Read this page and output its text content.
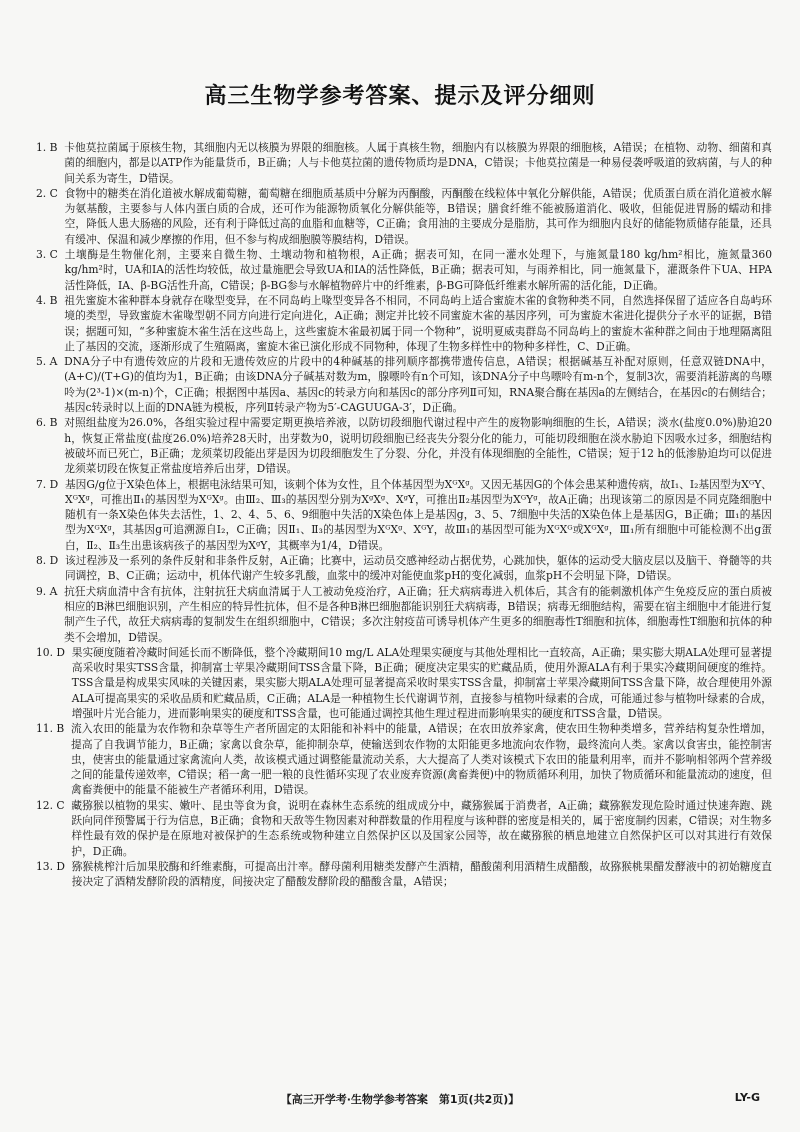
高三生物学参考答案、提示及评分细则
1. B 卡他莫拉菌属于原核生物，其细胞内无以核膜为界限的细胞核。人属于真核生物，细胞内有以核膜为界限的细胞核，A错误；在植物、动物、细菌和真菌的细胞内，都是以ATP作为能量货币，B正确；人与卡他莫拉菌的遗传物质均是DNA，C错误；卡他莫拉菌是一种易侵袭呼吸道的致病菌，与人的种间关系为寄生，D错误。
2. C 食物中的糖类在消化道被水解成葡萄糖，葡萄糖在细胞质基质中分解为丙酮酸，丙酮酸在线粒体中氧化分解供能，A错误；优质蛋白质在消化道被水解为氨基酸，主要参与人体内蛋白质的合成，还可作为能源物质氧化分解供能等，B错误；膳食纤维不能被肠道消化、吸收，但能促进胃肠的蠕动和排空，降低人患大肠癌的风险，还有利于降低过高的血脂和血糖等，C正确；食用油的主要成分是脂肪，其可作为细胞内良好的储能物质储存能量，还具有缓冲、保温和减少摩擦的作用，但不参与构成细胞膜等膜结构，D错误。
3. C 土壤酶是生物催化剂，主要来自微生物、土壤动物和植物根，A正确；据表可知，在同一灌水处理下，与施氮量180 kg/hm²相比，施氮量360 kg/hm²时，UA和IA的活性均较低，故过量施肥会导致UA和IA的活性降低，B正确；据表可知，与雨养相比，同一施氮量下，灌溉条件下UA、HPA活性降低，IA、β-BG活性升高，C错误；β-BG参与水解植物碎片中的纤维素，β-BG可降低纤维素水解所需的活化能，D正确。
4. B 祖先蜜旋木雀种群本身就存在喙型变异，在不同岛屿上喙型变异各不相同，不同岛屿上适合蜜旋木雀的食物种类不同，自然选择保留了适应各自岛屿环境的类型，导致蜜旋木雀喙型朝不同方向进行定向进化，A正确；测定并比较不同蜜旋木雀的基因序列，可为蜜旋木雀进化提供分子水平的证据，B错误；据题可知，“多种蜜旋木雀生活在这些岛上，这些蜜旋木雀最初属于同一个物种”，说明夏威夷群岛不同岛屿上的蜜旋木雀种群之间由于地理隔离阻止了基因的交流，逐渐形成了生殖隔离，蜜旋木雀已演化形成不同物种，体现了生物多样性中的物种多样性，C、D正确。
5. A DNA分子中有遗传效应的片段和无遗传效应的片段中的4种碱基的排列顺序都携带遗传信息，A错误；根据碱基互补配对原则，任意双链DNA中，(A+C)/(T+G)的值均为1，B正确；由该DNA分子碱基对数为m，腺嘌呤有n个可知，该DNA分子中鸟嘌呤有m-n个，复制3次，需要消耗游离的鸟嘌呤为(2³-1)×(m-n)个，C正确；根据图中基因a、基因c的转录方向和基因c的部分序列Ⅱ可知，RNA聚合酶在基因a的左侧结合，在基因c的右侧结合；基因c转录时以上面的DNA链为模板，序列Ⅱ转录产物为5′-CAGUUGA-3′，D正确。
6. B 对照组盐度为26.0%，各组实验过程中需要定期更换培养液，以防切段细胞代谢过程中产生的废物影响细胞的生长，A错误；淡水(盐度0.0%)胁迫20 h，恢复正常盐度(盐度26.0%)培养28天时，出芽数为0，说明切段细胞已经丧失分裂分化的能力，可能切段细胞在淡水胁迫下因吸水过多，细胞结构被破坏而已死亡，B正确；龙须菜切段能出芽是因为切段细胞发生了分裂、分化，并没有体现细胞的全能性，C错误；短于12 h的低渗胁迫均可以促进龙须菜切段在恢复正常盐度培养后出芽，D错误。
7. D 基因G/g位于X染色体上，根据电泳结果可知，该刺个体为女性，且个体基因型为XᴳXᵍ。又因无基因G的个体会患某种遗传病，故Ⅰ₁、Ⅰ₂基因型为XᴳY、XᴳXᵍ，可推出Ⅱ₁的基因型为XᴳXᵍ。由Ⅲ₂、Ⅲ₃的基因型分别为XᵍXᵍ、XᵍY，可推出Ⅱ₂基因型为XᴳYᵍ，故A正确；出现该第二的原因是不同克隆细胞中随机有一条X染色体失去活性，1、2、4、5、6、9细胞中失活的X染色体上是基因g，3、5、7细胞中失活的X染色体上是基因G，B正确；Ⅲ₁的基因型为XᴳXᵍ，其基因g可追溯源自Ⅰ₂，C正确；因Ⅱ₁、Ⅱ₃的基因型为XᴳXᵍ、XᴳY，故Ⅲ₁的基因型可能为XᴳXᴳ或XᴳXᵍ，Ⅲ₁所有细胞中可能检测不出g蛋白，Ⅱ₂、Ⅱ₃生出患该病孩子的基因型为XᵍY，其概率为1/4，D错误。
8. D 该过程涉及一系列的条件反射和非条件反射，A正确；比赛中，运动员交感神经动占据优势，心跳加快，躯体的运动受大脑皮层以及脑干、脊髓等的共同调控，B、C正确；运动中，机体代谢产生较多乳酸，血浆中的缓冲对能使血浆pH的变化减弱，血浆pH不会明显下降，D错误。
9. A 抗狂犬病血清中含有抗体，注射抗狂犬病血清属于人工被动免疫治疗，A正确；狂犬病病毒进入机体后，其含有的能刺激机体产生免疫反应的蛋白质被相应的B淋巴细胞识别，产生相应的特异性抗体，但不是各种B淋巴细胞都能识别狂犬病病毒，B错误；病毒无细胞结构，需要在宿主细胞中才能进行复制产生子代，故狂犬病病毒的复制发生在组织细胞中，C错误；多次注射疫苗可诱导机体产生更多的细胞毒性T细胞和抗体，细胞毒性T细胞和抗体的种类不会增加，D错误。
10. D 果实硬度随着冷藏时间延长而不断降低，整个冷藏期间10 mg/L ALA处理果实硬度与其他处理相比一直较高，A正确；果实膨大期ALA处理可显著提高采收时果实TSS含量，抑制富士苹果冷藏期间TSS含量下降，B正确；硬度决定果实的贮藏品质，使用外源ALA有利于果实冷藏期间硬度的维持。TSS含量是构成果实风味的关键因素，果实膨大期ALA处理可显著提高采收时果实TSS含量，抑制富士苹果冷藏期间TSS含量下降，故合理使用外源ALA可提高果实的采收品质和贮藏品质，C正确；ALA是一种植物生长代谢调节剂，直接参与植物叶绿素的合成，可能通过参与植物叶绿素的合成，增强叶片光合能力，进而影响果实的硬度和TSS含量，也可能通过调控其他生理过程进而影响果实的硬度和TSS含量，D错误。
11. B 流入农田的能量为农作物和杂草等生产者所固定的太阳能和补料中的能量，A错误；在农田放养家禽，使农田生物种类增多，营养结构复杂性增加，提高了自我调节能力，B正确；家禽以食杂草，能抑制杂草，使输送到农作物的太阳能更多地流向农作物，最终流向人类。家禽以食害虫，能控制害虫，使害虫的能量通过家禽流向人类，故该模式通过调整能量流动关系，大大提高了人类对该模式下农田的能量利用率，而并不影响相邻两个营养级之间的能量传递效率，C错误；稻一禽一肥一粮的良性循环实现了农业废弃资源(禽畜粪便)中的物质循环利用，加快了物质循环和能量流动的速度，但禽畜粪便中的能量不能被生产者循环利用，D错误。
12. C 藏猕猴以植物的果实、嫩叶、昆虫等食为食，说明在森林生态系统的组成成分中，藏猕猴属于消费者，A正确；藏猕猴发现危险时通过快速奔跑、跳跃向同伴预警属于行为信息，B正确；食物和天敌等生物因素对种群数量的作用程度与该种群的密度是相关的，属于密度制约因素，C错误；对生物多样性最有效的保护是在原地对被保护的生态系统或物种建立自然保护区以及国家公园等，故在藏猕猴的栖息地建立自然保护区可以对其进行有效保护，D正确。
13. D 猕猴桃榨汁后加果胶酶和纤维素酶，可提高出汁率。酵母菌利用糖类发酵产生酒精，醋酸菌利用酒精生成醋酸，故猕猴桃果醋发酵液中的初始糖度直接决定了酒精发酵阶段的酒精度，间接决定了醋酸发酵阶段的醋酸含量，A错误；
【高三开学考·生物学参考答案　第1页(共2页)】	LY-G
